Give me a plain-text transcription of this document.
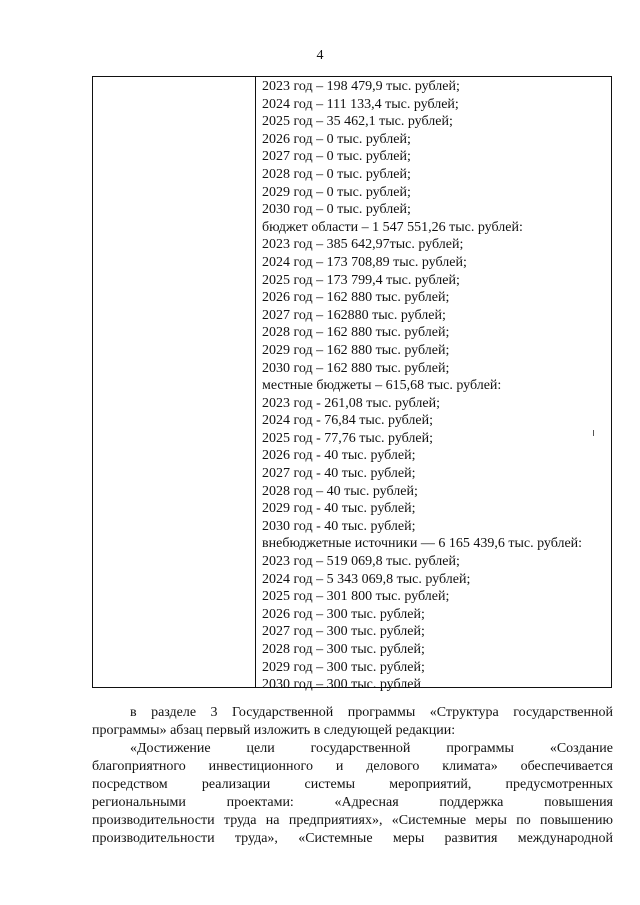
4
2023 год – 198 479,9 тыс. рублей;
2024 год – 111 133,4 тыс. рублей;
2025 год – 35 462,1 тыс. рублей;
2026 год – 0 тыс. рублей;
2027 год – 0 тыс. рублей;
2028 год – 0 тыс. рублей;
2029 год – 0 тыс. рублей;
2030 год – 0 тыс. рублей;
бюджет области – 1 547 551,26 тыс. рублей:
2023 год – 385 642,97тыс. рублей;
2024 год – 173 708,89 тыс. рублей;
2025 год – 173 799,4 тыс. рублей;
2026 год – 162 880 тыс. рублей;
2027 год – 162880 тыс. рублей;
2028 год – 162 880 тыс. рублей;
2029 год – 162 880 тыс. рублей;
2030 год – 162 880 тыс. рублей;
местные бюджеты – 615,68 тыс. рублей:
2023 год - 261,08 тыс. рублей;
2024 год - 76,84 тыс. рублей;
2025 год - 77,76 тыс. рублей;
2026 год - 40 тыс. рублей;
2027 год - 40 тыс. рублей;
2028 год – 40 тыс. рублей;
2029 год - 40 тыс. рублей;
2030 год - 40 тыс. рублей;
внебюджетные источники — 6 165 439,6 тыс. рублей:
2023 год – 519 069,8 тыс. рублей;
2024 год – 5 343 069,8 тыс. рублей;
2025 год – 301 800 тыс. рублей;
2026 год – 300 тыс. рублей;
2027 год – 300 тыс. рублей;
2028 год – 300 тыс. рублей;
2029 год – 300 тыс. рублей;
2030 год – 300 тыс. рублей
в разделе 3 Государственной программы «Структура государственной
программы» абзац первый изложить в следующей редакции:
«Достижение цели государственной программы «Создание
благоприятного инвестиционного и делового климата» обеспечивается
посредством реализации системы мероприятий, предусмотренных
региональными проектами: «Адресная поддержка повышения
производительности труда на предприятиях», «Системные меры по повышению
производительности труда», «Системные меры развития международной
